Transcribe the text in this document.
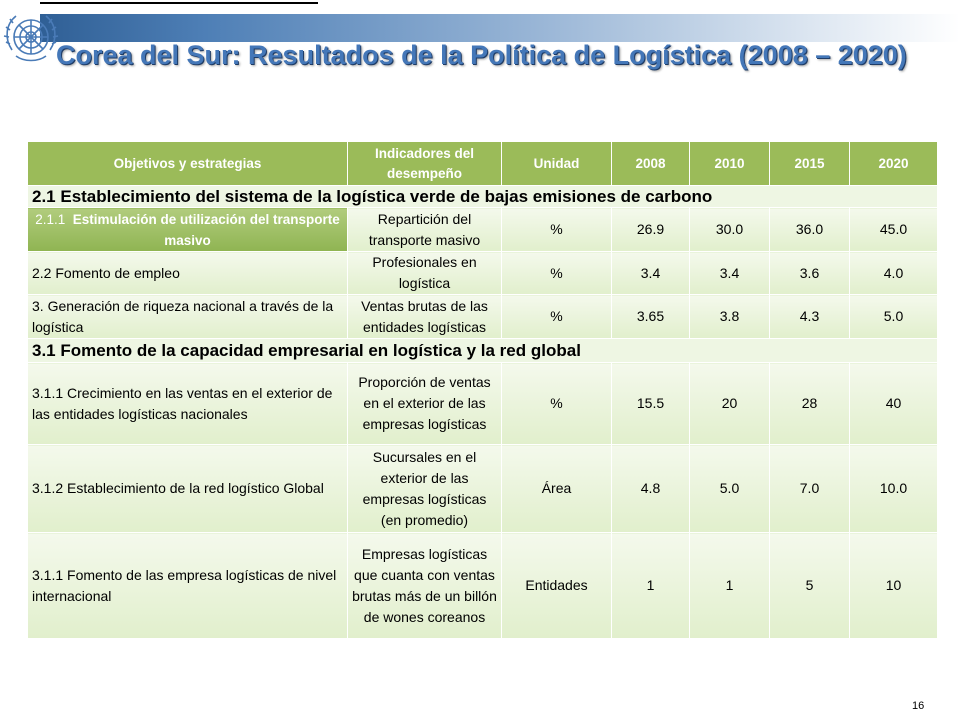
Corea del Sur: Resultados de la Política de Logística (2008 – 2020)
Objetivos y estrategias	Indicadores del desempeño	Unidad	2008	2010	2015	2020
2.1 Establecimiento del sistema de la logística verde de bajas emisiones de carbono						
2.1.1 Estimulación de utilización del transporte masivo	Repartición del transporte masivo	%	26.9	30.0	36.0	45.0
2.2 Fomento de empleo	Profesionales en logística	%	3.4	3.4	3.6	4.0
3. Generación de riqueza nacional a través de la logística	Ventas brutas de las entidades logísticas	%	3.65	3.8	4.3	5.0
3.1 Fomento de la capacidad empresarial en logística y la red global						
3.1.1 Crecimiento en las ventas en el exterior de las entidades logísticas nacionales	Proporción de ventas en el exterior de las empresas logísticas	%	15.5	20	28	40
3.1.2 Establecimiento de la red logístico Global	Sucursales en el exterior de las empresas logísticas (en promedio)	Área	4.8	5.0	7.0	10.0
3.1.1 Fomento de las empresa logísticas de nivel internacional	Empresas logísticas que cuanta con ventas brutas más de un billón de wones coreanos	Entidades	1	1	5	10
16
